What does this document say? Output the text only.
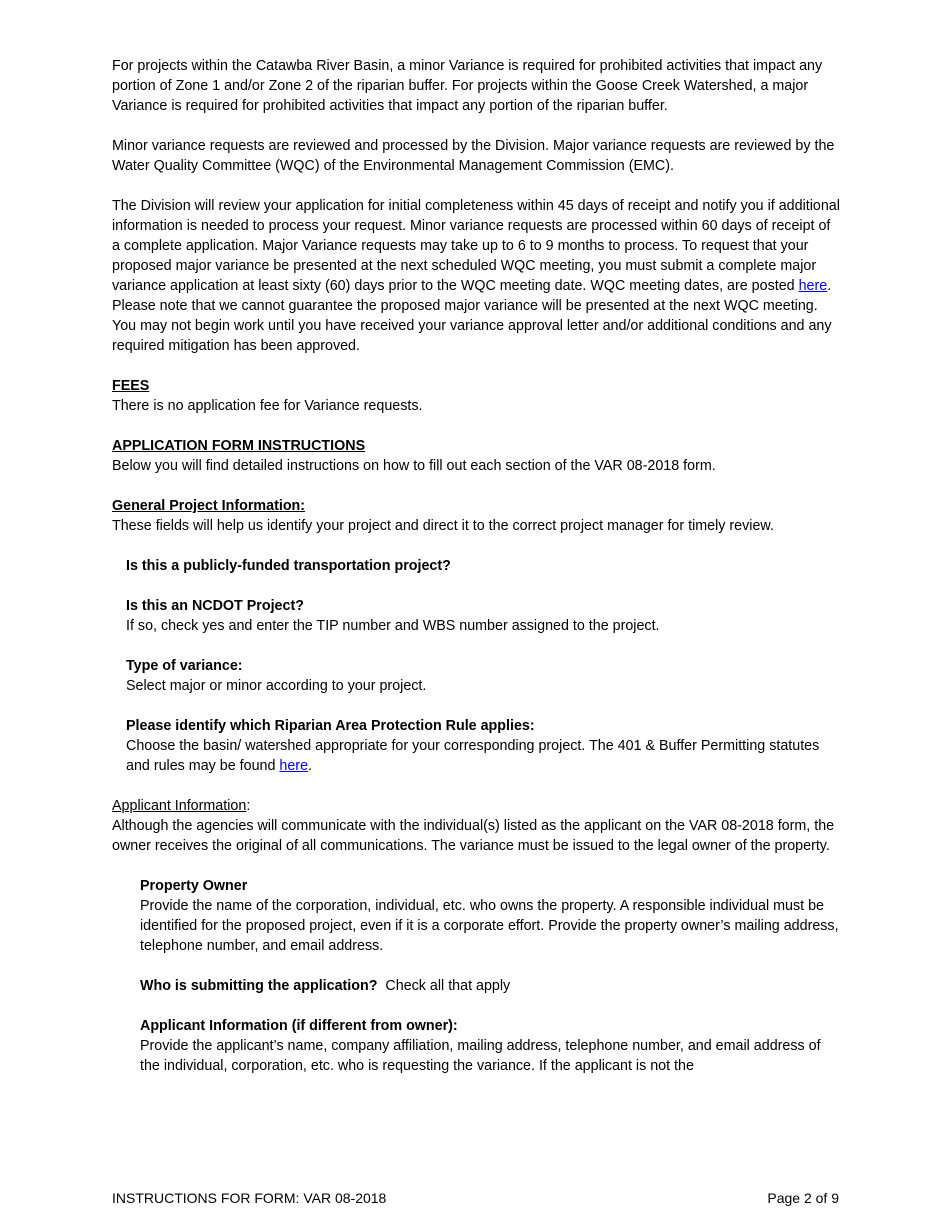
For projects within the Catawba River Basin, a minor Variance is required for prohibited activities that impact any portion of Zone 1 and/or Zone 2 of the riparian buffer. For projects within the Goose Creek Watershed, a major Variance is required for prohibited activities that impact any portion of the riparian buffer.

Minor variance requests are reviewed and processed by the Division. Major variance requests are reviewed by the Water Quality Committee (WQC) of the Environmental Management Commission (EMC).

The Division will review your application for initial completeness within 45 days of receipt and notify you if additional information is needed to process your request. Minor variance requests are processed within 60 days of receipt of a complete application. Major Variance requests may take up to 6 to 9 months to process. To request that your proposed major variance be presented at the next scheduled WQC meeting, you must submit a complete major variance application at least sixty (60) days prior to the WQC meeting date. WQC meeting dates, are posted here. Please note that we cannot guarantee the proposed major variance will be presented at the next WQC meeting. You may not begin work until you have received your variance approval letter and/or additional conditions and any required mitigation has been approved.

FEES

There is no application fee for Variance requests.

APPLICATION FORM INSTRUCTIONS

Below you will find detailed instructions on how to fill out each section of the VAR 08-2018 form.

General Project Information:

These fields will help us identify your project and direct it to the correct project manager for timely review.

Is this a publicly-funded transportation project?

Is this an NCDOT Project?

If so, check yes and enter the TIP number and WBS number assigned to the project.

Type of variance:

Select major or minor according to your project.

Please identify which Riparian Area Protection Rule applies:

Choose the basin/ watershed appropriate for your corresponding project. The 401 & Buffer Permitting statutes and rules may be found here.

Applicant Information:

Although the agencies will communicate with the individual(s) listed as the applicant on the VAR 08-2018 form, the owner receives the original of all communications. The variance must be issued to the legal owner of the property.

Property Owner

Provide the name of the corporation, individual, etc. who owns the property. A responsible individual must be identified for the proposed project, even if it is a corporate effort. Provide the property owner’s mailing address, telephone number, and email address.

Who is submitting the application?  Check all that apply

Applicant Information (if different from owner):

Provide the applicant’s name, company affiliation, mailing address, telephone number, and email address of the individual, corporation, etc. who is requesting the variance. If the applicant is not the

INSTRUCTIONS FOR FORM: VAR 08-2018	Page 2 of 9
